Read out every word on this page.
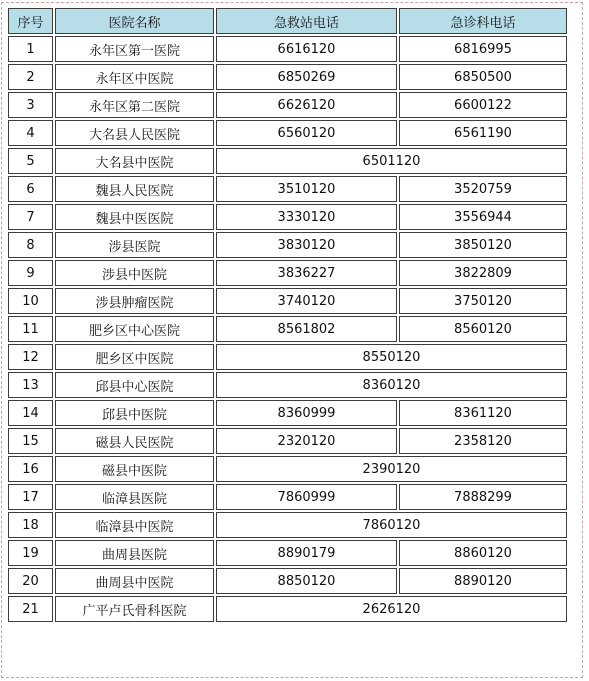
序号	医院名称	急救站电话	急诊科电话
1	永年区第一医院	6616120	6816995
2	永年区中医院	6850269	6850500
3	永年区第二医院	6626120	6600122
4	大名县人民医院	6560120	6561190
5	大名县中医院	6501120	
6	魏县人民医院	3510120	3520759
7	魏县中医医院	3330120	3556944
8	涉县医院	3830120	3850120
9	涉县中医院	3836227	3822809
10	涉县肿瘤医院	3740120	3750120
11	肥乡区中心医院	8561802	8560120
12	肥乡区中医院	8550120	
13	邱县中心医院	8360120	
14	邱县中医院	8360999	8361120
15	磁县人民医院	2320120	2358120
16	磁县中医院	2390120	
17	临漳县医院	7860999	7888299
18	临漳县中医院	7860120	
19	曲周县医院	8890179	8860120
20	曲周县中医院	8850120	8890120
21	广平卢氏骨科医院	2626120	
